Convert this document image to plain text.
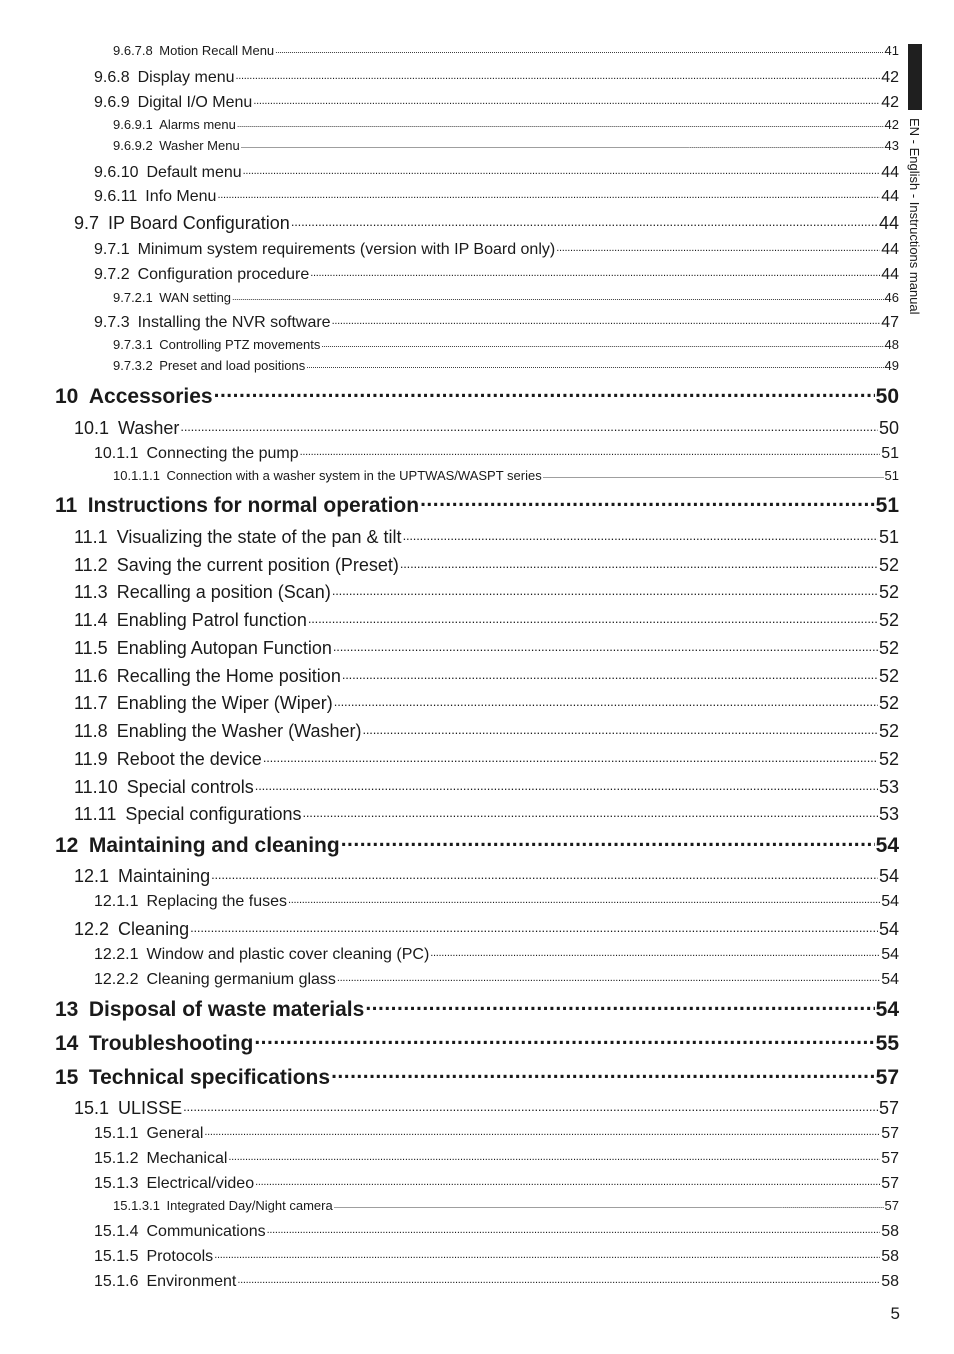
9.6.7.8  Motion Recall Menu .....	41
9.6.8  Display menu .....	42
9.6.9  Digital I/O Menu .....	42
9.6.9.1  Alarms menu .....	42
9.6.9.2  Washer Menu .....	43
9.6.10  Default menu .....	44
9.6.11  Info Menu .....	44
9.7  IP Board Configuration .....	44
9.7.1  Minimum system requirements (version with IP Board only) .....	44
9.7.2  Configuration procedure .....	44
9.7.2.1  WAN setting .....	46
9.7.3  Installing the NVR software .....	47
9.7.3.1  Controlling PTZ movements .....	48
9.7.3.2  Preset and load positions .....	49
10  Accessories .....	50
10.1  Washer .....	50
10.1.1  Connecting the pump .....	51
10.1.1.1  Connection with a washer system in the UPTWAS/WASPT series .....	51
11  Instructions for normal operation .....	51
11.1  Visualizing the state of the pan & tilt .....	51
11.2  Saving the current position (Preset) .....	52
11.3  Recalling a position (Scan) .....	52
11.4  Enabling Patrol function .....	52
11.5  Enabling Autopan Function .....	52
11.6  Recalling the Home position .....	52
11.7  Enabling the Wiper (Wiper) .....	52
11.8  Enabling the Washer (Washer) .....	52
11.9  Reboot the device .....	52
11.10  Special controls .....	53
11.11  Special configurations .....	53
12  Maintaining and cleaning .....	54
12.1  Maintaining .....	54
12.1.1  Replacing the fuses .....	54
12.2  Cleaning .....	54
12.2.1  Window and plastic cover cleaning (PC) .....	54
12.2.2  Cleaning germanium glass .....	54
13  Disposal of waste materials .....	54
14  Troubleshooting .....	55
15  Technical specifications .....	57
15.1  ULISSE .....	57
15.1.1  General .....	57
15.1.2  Mechanical .....	57
15.1.3  Electrical/video .....	57
15.1.3.1  Integrated Day/Night camera .....	57
15.1.4  Communications .....	58
15.1.5  Protocols .....	58
15.1.6  Environment .....	58
EN - English - Instructions manual
5
